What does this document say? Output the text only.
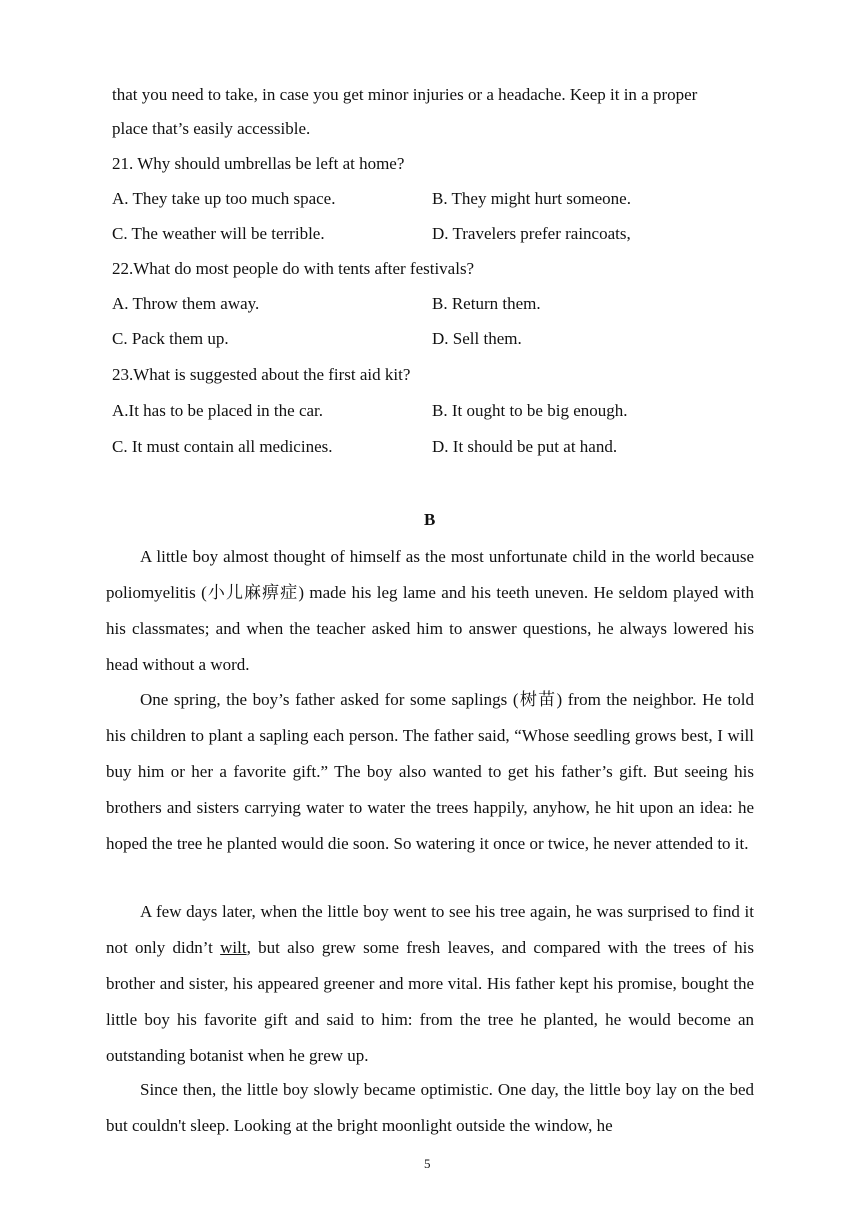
that you need to take, in case you get minor injuries or a headache. Keep it in a proper
place that’s easily accessible.
21. Why should umbrellas be left at home?
A. They take up too much space.	B. They might hurt someone.
C. The weather will be terrible.	D. Travelers prefer raincoats,
22.What do most people do with tents after festivals?
A. Throw them away.	B. Return them.
C. Pack them up.	D. Sell them.
23.What is suggested about the first aid kit?
A.It has to be placed in the car.	B. It ought to be big enough.
C. It must contain all medicines.	D. It should be put at hand.
B
A little boy almost thought of himself as the most unfortunate child in the world because poliomyelitis (小儿麻痹症) made his leg lame and his teeth uneven. He seldom played with his classmates; and when the teacher asked him to answer questions, he always lowered his head without a word.
One spring, the boy’s father asked for some saplings (树苗) from the neighbor. He told his children to plant a sapling each person. The father said, “Whose seedling grows best, I will buy him or her a favorite gift.” The boy also wanted to get his father’s gift. But seeing his brothers and sisters carrying water to water the trees happily, anyhow, he hit upon an idea: he hoped the tree he planted would die soon. So watering it once or twice, he never attended to it.
A few days later, when the little boy went to see his tree again, he was surprised to find it not only didn’t wilt, but also grew some fresh leaves, and compared with the trees of his brother and sister, his appeared greener and more vital. His father kept his promise, bought the little boy his favorite gift and said to him: from the tree he planted, he would become an outstanding botanist when he grew up.
Since then, the little boy slowly became optimistic. One day, the little boy lay on the bed but couldn't sleep. Looking at the bright moonlight outside the window, he
5
